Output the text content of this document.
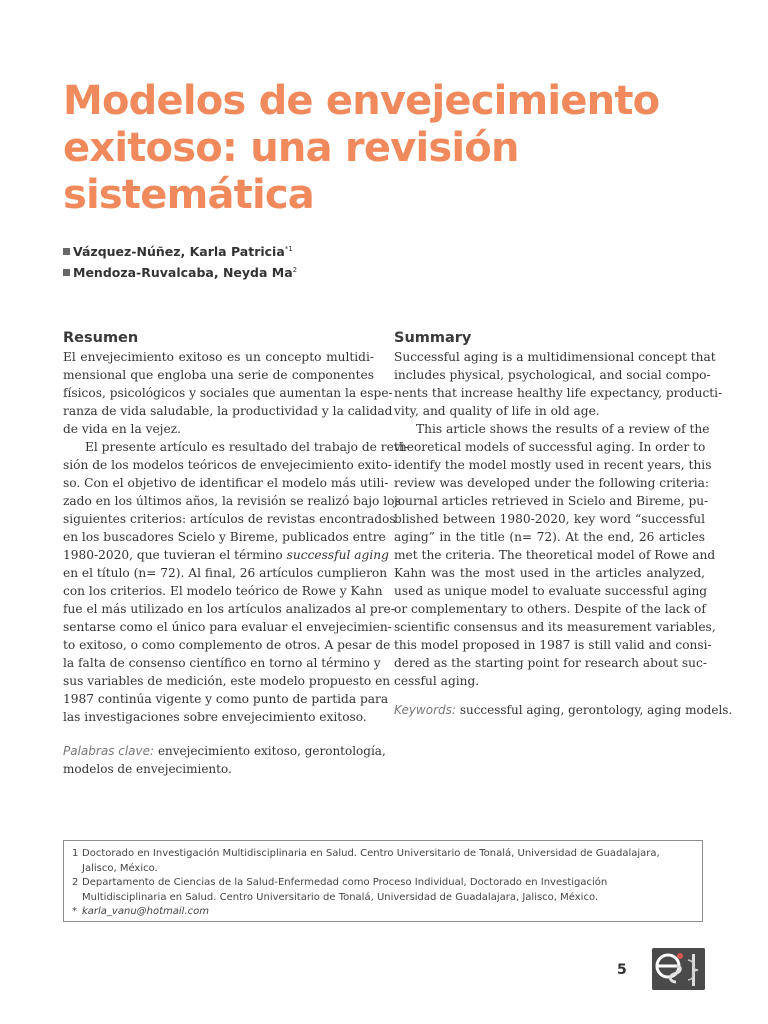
Modelos de envejecimiento
exitoso: una revisión
sistemática
Vázquez-Núñez, Karla Patricia$^{*1}$
Mendoza-Ruvalcaba, Neyda Ma$^2$
Resumen

El envejecimiento exitoso es un concepto multidi-
mensional que engloba una serie de componentes
físicos, psicológicos y sociales que aumentan la espe-
ranza de vida saludable, la productividad y la calidad
de vida en la vejez.

El presente artículo es resultado del trabajo de revi-
sión de los modelos teóricos de envejecimiento exito-
so. Con el objetivo de identificar el modelo más utili-
zado en los últimos años, la revisión se realizó bajo los
siguientes criterios: artículos de revistas encontrados
en los buscadores Scielo y Bireme, publicados entre
1980-2020, que tuvieran el término successful aging
en el título (n= 72). Al final, 26 artículos cumplieron
con los criterios. El modelo teórico de Rowe y Kahn
fue el más utilizado en los artículos analizados al pre-
sentarse como el único para evaluar el envejecimien-
to exitoso, o como complemento de otros. A pesar de
la falta de consenso científico en torno al término y
sus variables de medición, este modelo propuesto en
1987 continúa vigente y como punto de partida para
las investigaciones sobre envejecimiento exitoso.

Palabras clave: envejecimiento exitoso, gerontología,
modelos de envejecimiento.

Summary

Successful aging is a multidimensional concept that
includes physical, psychological, and social compo-
nents that increase healthy life expectancy, producti-
vity, and quality of life in old age.

This article shows the results of a review of the
theoretical models of successful aging. In order to
identify the model mostly used in recent years, this
review was developed under the following criteria:
journal articles retrieved in Scielo and Bireme, pu-
blished between 1980-2020, key word “successful
aging” in the title (n= 72). At the end, 26 articles
met the criteria. The theoretical model of Rowe and
Kahn was the most used in the articles analyzed,
used as unique model to evaluate successful aging
or complementary to others. Despite of the lack of
scientific consensus and its measurement variables,
this model proposed in 1987 is still valid and consi-
dered as the starting point for research about suc-
cessful aging.

Keywords: successful aging, gerontology, aging models.

1 Doctorado en Investigación Multidisciplinaria en Salud. Centro Universitario de Tonalá, Universidad de Guadalajara,
Jalisco, México.
2 Departamento de Ciencias de la Salud-Enfermedad como Proceso Individual, Doctorado en Investigación
Multidisciplinaria en Salud. Centro Universitario de Tonalá, Universidad de Guadalajara, Jalisco, México.
* karla_vanu@hotmail.com
5
